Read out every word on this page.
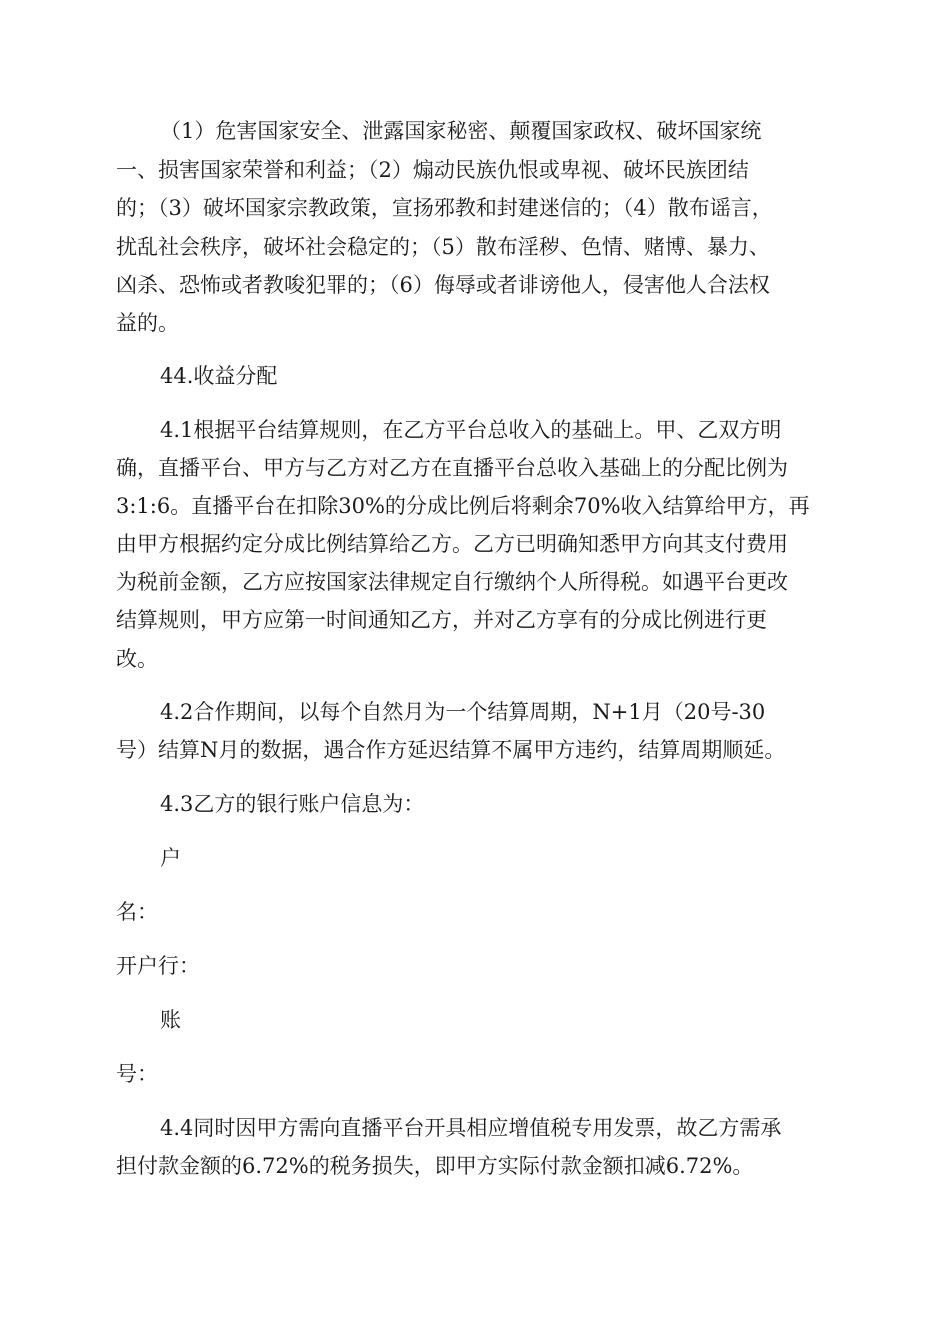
（1）危害国家安全、泄露国家秘密、颠覆国家政权、破坏国家统
一、损害国家荣誉和利益；（2）煽动民族仇恨或卑视、破坏民族团结
的；（3）破坏国家宗教政策，宣扬邪教和封建迷信的；（4）散布谣言，
扰乱社会秩序，破坏社会稳定的；（5）散布淫秽、色情、赌博、暴力、
凶杀、恐怖或者教唆犯罪的；（6）侮辱或者诽谤他人，侵害他人合法权
益的。
44.收益分配
4.1根据平台结算规则，在乙方平台总收入的基础上。甲、乙双方明
确，直播平台、甲方与乙方对乙方在直播平台总收入基础上的分配比例为
3:1:6。直播平台在扣除30%的分成比例后将剩余70%收入结算给甲方，再
由甲方根据约定分成比例结算给乙方。乙方已明确知悉甲方向其支付费用
为税前金额，乙方应按国家法律规定自行缴纳个人所得税。如遇平台更改
结算规则，甲方应第一时间通知乙方，并对乙方享有的分成比例进行更
改。
4.2合作期间，以每个自然月为一个结算周期，N+1月（20号-30
号）结算N月的数据，遇合作方延迟结算不属甲方违约，结算周期顺延。
4.3乙方的银行账户信息为：
户
名：
开户行：
账
号：
4.4同时因甲方需向直播平台开具相应增值税专用发票，故乙方需承
担付款金额的6.72%的税务损失，即甲方实际付款金额扣减6.72%。
